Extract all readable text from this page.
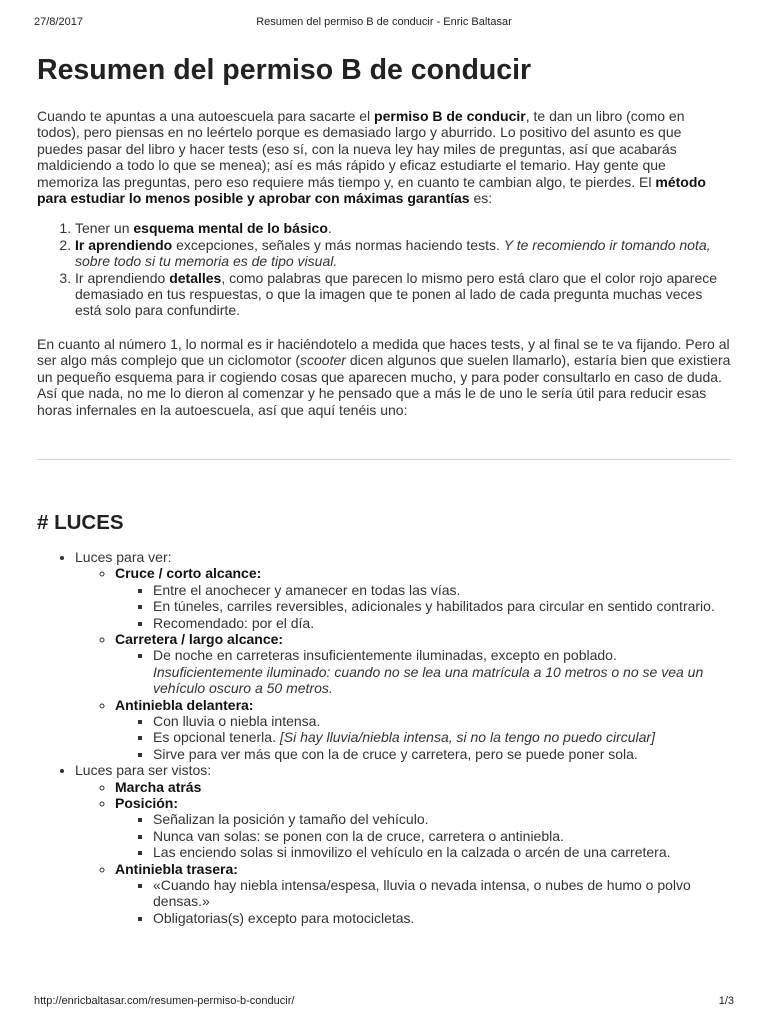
27/8/2017	Resumen del permiso B de conducir - Enric Baltasar
Resumen del permiso B de conducir

Cuando te apuntas a una autoescuela para sacarte el permiso B de conducir, te dan un libro (como en todos), pero piensas en no leértelo porque es demasiado largo y aburrido. Lo positivo del asunto es que puedes pasar del libro y hacer tests (eso sí, con la nueva ley hay miles de preguntas, así que acabarás maldiciendo a todo lo que se menea); así es más rápido y eficaz estudiarte el temario. Hay gente que memoriza las preguntas, pero eso requiere más tiempo y, en cuanto te cambian algo, te pierdes. El método para estudiar lo menos posible y aprobar con máximas garantías es:

1. Tener un esquema mental de lo básico.
2. Ir aprendiendo excepciones, señales y más normas haciendo tests. Y te recomiendo ir tomando nota, sobre todo si tu memoria es de tipo visual.
3. Ir aprendiendo detalles, como palabras que parecen lo mismo pero está claro que el color rojo aparece demasiado en tus respuestas, o que la imagen que te ponen al lado de cada pregunta muchas veces está solo para confundirte.

En cuanto al número 1, lo normal es ir haciéndotelo a medida que haces tests, y al final se te va fijando. Pero al ser algo más complejo que un ciclomotor (scooter dicen algunos que suelen llamarlo), estaría bien que existiera un pequeño esquema para ir cogiendo cosas que aparecen mucho, y para poder consultarlo en caso de duda. Así que nada, no me lo dieron al comenzar y he pensado que a más le de uno le sería útil para reducir esas horas infernales en la autoescuela, así que aquí tenéis uno:

# LUCES
• Luces para ver:
◦ Cruce / corto alcance:
▪ Entre el anochecer y amanecer en todas las vías.
▪ En túneles, carriles reversibles, adicionales y habilitados para circular en sentido contrario.
▪ Recomendado: por el día.
◦ Carretera / largo alcance:
▪ De noche en carreteras insuficientemente iluminadas, excepto en poblado.
Insuficientemente iluminado: cuando no se lea una matrícula a 10 metros o no se vea un vehículo oscuro a 50 metros.
◦ Antiniebla delantera:
▪ Con lluvia o niebla intensa.
▪ Es opcional tenerla. [Si hay lluvia/niebla intensa, si no la tengo no puedo circular]
▪ Sirve para ver más que con la de cruce y carretera, pero se puede poner sola.
• Luces para ser vistos:
◦ Marcha atrás
◦ Posición:
▪ Señalizan la posición y tamaño del vehículo.
▪ Nunca van solas: se ponen con la de cruce, carretera o antiniebla.
▪ Las enciendo solas si inmovilizo el vehículo en la calzada o arcén de una carretera.
◦ Antiniebla trasera:
▪ «Cuando hay niebla intensa/espesa, lluvia o nevada intensa, o nubes de humo o polvo densas.»
▪ Obligatorias(s) excepto para motocicletas.
http://enricbaltasar.com/resumen-permiso-b-conducir/	1/3
